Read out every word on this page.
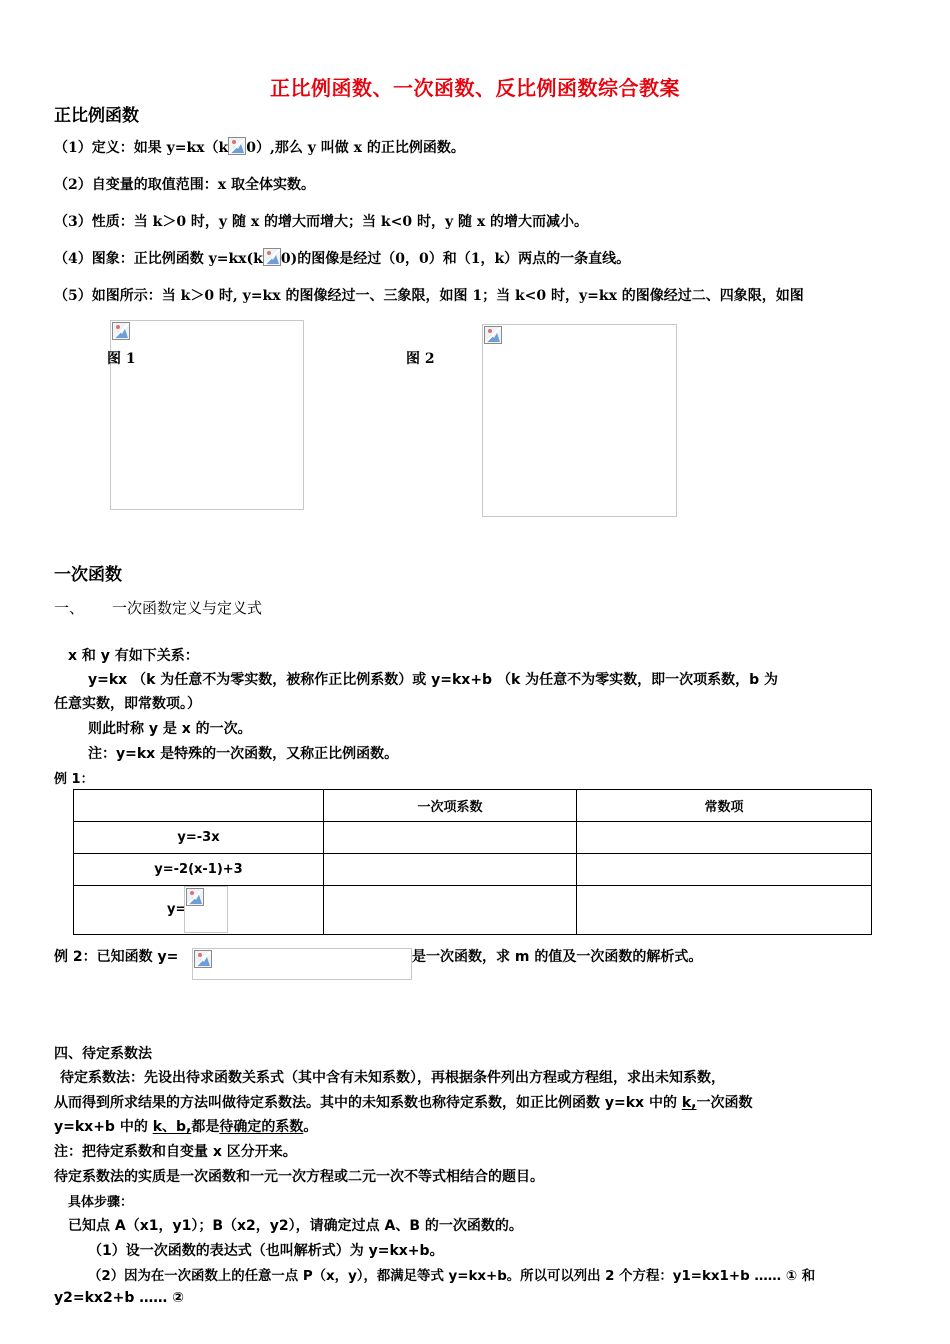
正比例函数、一次函数、反比例函数综合教案
正比例函数
（1）定义：如果 y=kx（k 0）,那么 y 叫做 x 的正比例函数。
（2）自变量的取值范围：x 取全体实数。
（3）性质：当 k＞0 时，y 随 x 的增大而增大；当 k<0 时，y 随 x 的增大而减小。
（4）图象：正比例函数 y=kx(k 0)的图像是经过（0，0）和（1，k）两点的一条直线。
（5）如图所示：当 k＞0 时, y=kx 的图像经过一、三象限，如图 1；当 k<0 时，y=kx 的图像经过二、四象限，如图
图 1	图 2
一次函数
一、 一次函数定义与定义式
x 和 y 有如下关系：
y=kx （k 为任意不为零实数，被称作正比例系数）或 y=kx+b （k 为任意不为零实数，即一次项系数，b 为
任意实数，即常数项。）
则此时称 y 是 x 的一次。
注：y=kx 是特殊的一次函数，又称正比例函数。
例 1：
	一次项系数	常数项
y=-3x		
y=-2(x-1)+3		

y=		

例 2：已知函数 y=	是一次函数，求 m 的值及一次函数的解析式。
四、待定系数法
待定系数法：先设出待求函数关系式（其中含有未知系数），再根据条件列出方程或方程组，求出未知系数，
从而得到所求结果的方法叫做待定系数法。其中的未知系数也称待定系数，如正比例函数 y=kx 中的 k,一次函数
y=kx+b 中的 k、b,都是待确定的系数。
注：把待定系数和自变量 x 区分开来。
待定系数法的实质是一次函数和一元一次方程或二元一次不等式相结合的题目。
具体步骤：
已知点 A（x1，y1）；B（x2，y2），请确定过点 A、B 的一次函数的。
（1）设一次函数的表达式（也叫解析式）为 y=kx+b。
（2）因为在一次函数上的任意一点 P（x，y），都满足等式 y=kx+b。所以可以列出 2 个方程：y1=kx1+b …… ① 和
y2=kx2+b …… ②
